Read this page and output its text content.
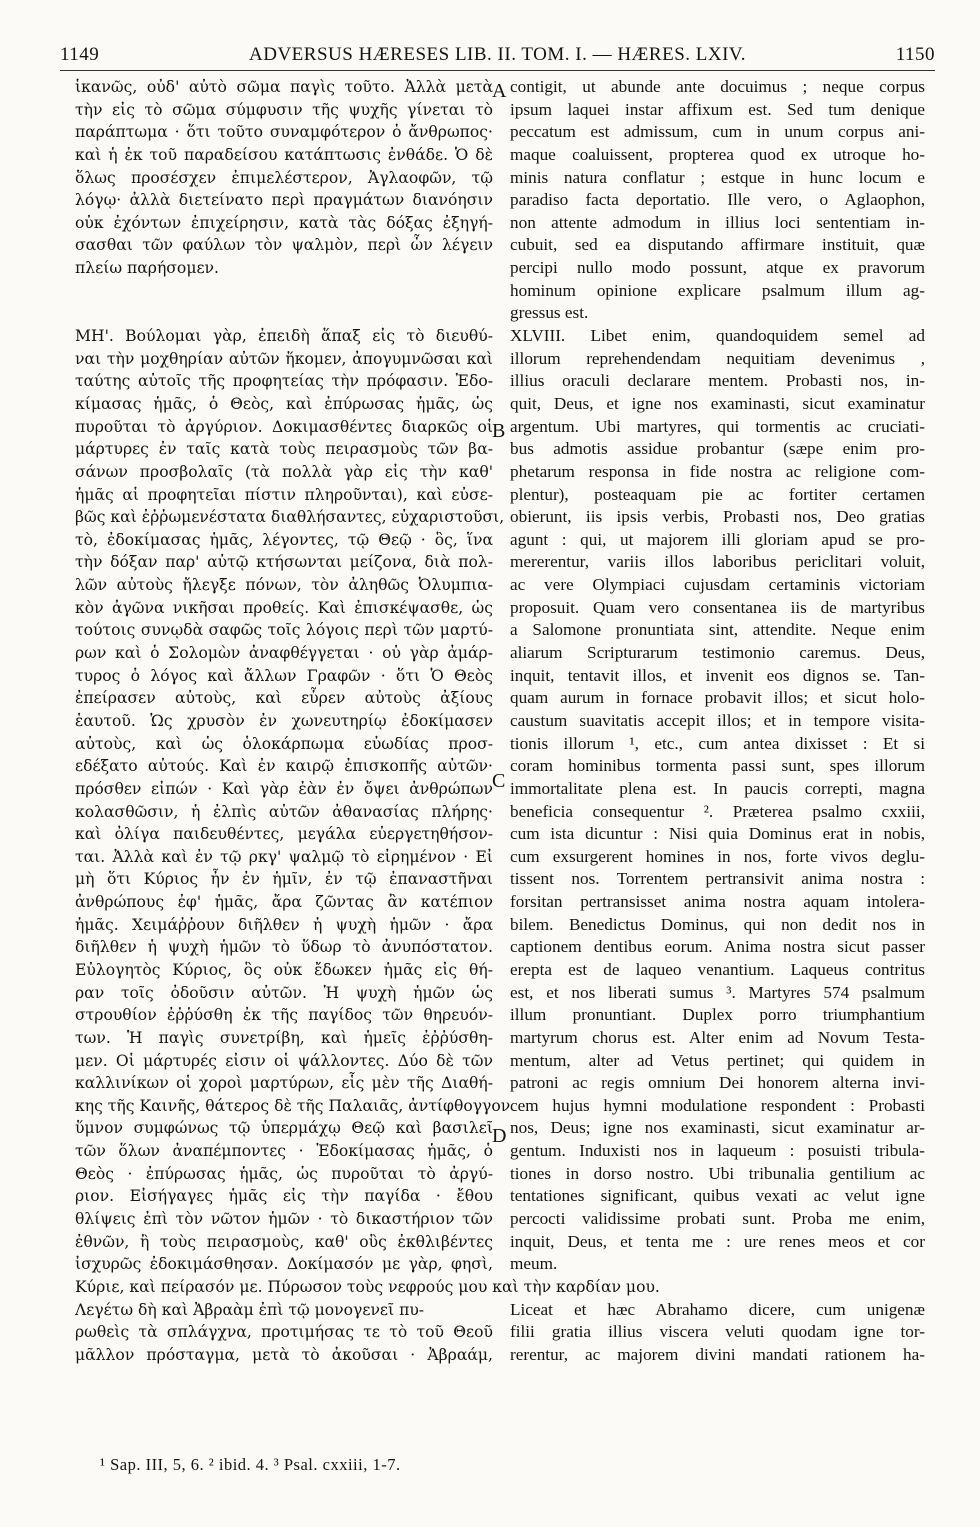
1149	ADVERSUS HÆRESES LIB. II. TOM. I. — HÆRES. LXIV.	1150
ἱκανῶς, οὐδ' αὐτὸ σῶμα παγὶς τοῦτο. Ἀλλὰ μετὰ
τὴν εἰς τὸ σῶμα σύμφυσιν τῆς ψυχῆς γίνεται τὸ
παράπτωμα · ὅτι τοῦτο συναμφότερον ὁ ἄνθρωπος·
καὶ ἡ ἐκ τοῦ παραδείσου κατάπτωσις ἐνθάδε. Ὁ δὲ
ὅλως προσέσχεν ἐπιμελέστερον, Ἀγλαοφῶν, τῷ
λόγῳ· ἀλλὰ διετείνατο περὶ πραγμάτων διανόησιν
οὐκ ἐχόντων ἐπιχείρησιν, κατὰ τὰς δόξας ἐξηγή-
σασθαι τῶν φαύλων τὸν ψαλμὸν, περὶ ὧν λέγειν
πλείω παρήσομεν.
ΜΗ'. Βούλομαι γὰρ, ἐπειδὴ ἅπαξ εἰς τὸ διευθύ-
ναι τὴν μοχθηρίαν αὐτῶν ἥκομεν, ἀπογυμνῶσαι καὶ
ταύτης αὐτοῖς τῆς προφητείας τὴν πρόφασιν. Ἐδο-
κίμασας ἡμᾶς, ὁ Θεὸς, καὶ ἐπύρωσας ἡμᾶς, ὡς
πυροῦται τὸ ἀργύριον. Δοκιμασθέντες διαρκῶς οἱ
μάρτυρες ἐν ταῖς κατὰ τοὺς πειρασμοὺς τῶν βα-
σάνων προσβολαῖς (τὰ πολλὰ γὰρ εἰς τὴν καθ'
ἡμᾶς αἱ προφητεῖαι πίστιν πληροῦνται), καὶ εὐσε-
βῶς καὶ ἐῤῥωμενέστατα διαθλήσαντες, εὐχαριστοῦσι,
τὸ, ἐδοκίμασας ἡμᾶς, λέγοντες, τῷ Θεῷ · ὃς, ἵνα
τὴν δόξαν παρ' αὐτῷ κτήσωνται μείζονα, διὰ πολ-
λῶν αὐτοὺς ἤλεγξε πόνων, τὸν ἀληθῶς Ὀλυμπια-
κὸν ἀγῶνα νικῆσαι προθείς. Καὶ ἐπισκέψασθε, ὡς
τούτοις συνῳδὰ σαφῶς τοῖς λόγοις περὶ τῶν μαρτύ-
ρων καὶ ὁ Σολομὼν ἀναφθέγγεται · οὐ γὰρ ἀμάρ-
τυρος ὁ λόγος καὶ ἄλλων Γραφῶν · ὅτι Ὁ Θεὸς
ἐπείρασεν αὐτοὺς, καὶ εὗρεν αὐτοὺς ἀξίους
ἑαυτοῦ. Ὡς χρυσὸν ἐν χωνευτηρίῳ ἐδοκίμασεν
αὐτοὺς, καὶ ὡς ὁλοκάρπωμα εὐωδίας προσ-
εδέξατο αὐτούς. Καὶ ἐν καιρῷ ἐπισκοπῆς αὐτῶν·
πρόσθεν εἰπών · Καὶ γὰρ ἐὰν ἐν ὄψει ἀνθρώπων
κολασθῶσιν, ἡ ἐλπὶς αὐτῶν ἀθανασίας πλήρης·
καὶ ὀλίγα παιδευθέντες, μεγάλα εὐεργετηθήσον-
ται. Ἀλλὰ καὶ ἐν τῷ ρκγ' ψαλμῷ τὸ εἰρημένον · Εἰ
μὴ ὅτι Κύριος ἦν ἐν ἡμῖν, ἐν τῷ ἐπαναστῆναι
ἀνθρώπους ἐφ' ἡμᾶς, ἄρα ζῶντας ἂν κατέπιον
ἡμᾶς. Χειμάῤῥουν διῆλθεν ἡ ψυχὴ ἡμῶν · ἄρα
διῆλθεν ἡ ψυχὴ ἡμῶν τὸ ὕδωρ τὸ ἀνυπόστατον.
Εὐλογητὸς Κύριος, ὃς οὐκ ἔδωκεν ἡμᾶς εἰς θή-
ραν τοῖς ὀδοῦσιν αὐτῶν. Ἡ ψυχὴ ἡμῶν ὡς
στρουθίον ἐῤῥύσθη ἐκ τῆς παγίδος τῶν θηρευόν-
των. Ἡ παγὶς συνετρίβη, καὶ ἡμεῖς ἐῤῥύσθη-
μεν. Οἱ μάρτυρές εἰσιν οἱ ψάλλοντες. Δύο δὲ τῶν
καλλινίκων οἱ χοροὶ μαρτύρων, εἷς μὲν τῆς Διαθή-
κης τῆς Καινῆς, θάτερος δὲ τῆς Παλαιᾶς, ἀντίφθογγον
ὕμνον συμφώνως τῷ ὑπερμάχῳ Θεῷ καὶ βασιλεῖ
τῶν ὅλων ἀναπέμποντες · Ἐδοκίμασας ἡμᾶς, ὁ
Θεὸς · ἐπύρωσας ἡμᾶς, ὡς πυροῦται τὸ ἀργύ-
ριον. Εἰσήγαγες ἡμᾶς εἰς τὴν παγίδα · ἔθου
θλίψεις ἐπὶ τὸν νῶτον ἡμῶν · τὸ δικαστήριον τῶν
ἐθνῶν, ἢ τοὺς πειρασμοὺς, καθ' οὓς ἐκθλιβέντες
ἰσχυρῶς ἐδοκιμάσθησαν. Δοκίμασόν με γὰρ, φησὶ,
Κύριε, καὶ πείρασόν με. Πύρωσον τοὺς νεφρούς μου καὶ τὴν καρδίαν μου.
Λεγέτω δὴ καὶ Ἀβραὰμ ἐπὶ τῷ μονογενεῖ πυ-
ρωθεὶς τὰ σπλάγχνα, προτιμήσας τε τὸ τοῦ Θεοῦ
μᾶλλον πρόσταγμα, μετὰ τὸ ἀκοῦσαι · Ἀβραάμ,
contigit, ut abunde ante docuimus ; neque corpus
ipsum laquei instar affixum est. Sed tum denique
peccatum est admissum, cum in unum corpus ani-
maque coaluissent, propterea quod ex utroque ho-
minis natura conflatur ; estque in hunc locum e
paradiso facta deportatio. Ille vero, o Aglaophon,
non attente admodum in illius loci sententiam in-
cubuit, sed ea disputando affirmare instituit, quæ
percipi nullo modo possunt, atque ex pravorum
hominum opinione explicare psalmum illum ag-
gressus est.
XLVIII. Libet enim, quandoquidem semel ad
illorum reprehendendam nequitiam devenimus ,
illius oraculi declarare mentem. Probasti nos, in-
quit, Deus, et igne nos examinasti, sicut examinatur
argentum. Ubi martyres, qui tormentis ac cruciati-
bus admotis assidue probantur (sæpe enim pro-
phetarum responsa in fide nostra ac religione com-
plentur), posteaquam pie ac fortiter certamen
obierunt, iis ipsis verbis, Probasti nos, Deo gratias
agunt : qui, ut majorem illi gloriam apud se pro-
mererentur, variis illos laboribus periclitari voluit,
ac vere Olympiaci cujusdam certaminis victoriam
proposuit. Quam vero consentanea iis de martyribus
a Salomone pronuntiata sint, attendite. Neque enim
aliarum Scripturarum testimonio caremus. Deus,
inquit, tentavit illos, et invenit eos dignos se. Tan-
quam aurum in fornace probavit illos; et sicut holo-
caustum suavitatis accepit illos; et in tempore visita-
tionis illorum ¹, etc., cum antea dixisset : Et si
coram hominibus tormenta passi sunt, spes illorum
immortalitate plena est. In paucis correpti, magna
beneficia consequentur ². Præterea psalmo cxxiii,
cum ista dicuntur : Nisi quia Dominus erat in nobis,
cum exsurgerent homines in nos, forte vivos deglu-
tissent nos. Torrentem pertransivit anima nostra :
forsitan pertransisset anima nostra aquam intolera-
bilem. Benedictus Dominus, qui non dedit nos in
captionem dentibus eorum. Anima nostra sicut passer
erepta est de laqueo venantium. Laqueus contritus
est, et nos liberati sumus ³. Martyres 574 psalmum
illum pronuntiant. Duplex porro triumphantium
martyrum chorus est. Alter enim ad Novum Testa-
mentum, alter ad Vetus pertinet; qui quidem in
patroni ac regis omnium Dei honorem alterna invi-
cem hujus hymni modulatione respondent : Probasti
nos, Deus; igne nos examinasti, sicut examinatur ar-
gentum. Induxisti nos in laqueum : posuisti tribula-
tiones in dorso nostro. Ubi tribunalia gentilium ac
tentationes significant, quibus vexati ac velut igne
percocti validissime probati sunt. Proba me enim,
inquit, Deus, et tenta me : ure renes meos et cor
meum.
Liceat et hæc Abrahamo dicere, cum unigenæ
filii gratia illius viscera veluti quodam igne tor-
rerentur, ac majorem divini mandati rationem ha-
A
B
C
D
¹ Sap. III, 5, 6. ² ibid. 4. ³ Psal. cxxiii, 1-7.
